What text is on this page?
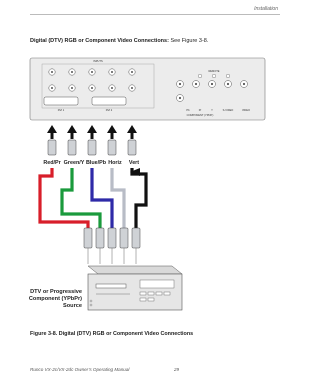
Installation
Digital (DTV) RGB or Component Video Connections: See Figure 3-8.
INPUTS
DVI 1	DVI 2
REMOTE
Pb	Pr	Y
COMPONENT (YPbPr)
S-VIDEO	VIDEO
Red/Pr Green/Y Blue/Pb Horiz Vert
DTV or Progressive
Component (YPbPr)
Source
Figure 3-8. Digital (DTV) RGB or Component Video Connections
Runco VX-2c/VX-2dc Owner’s Operating Manual	29
